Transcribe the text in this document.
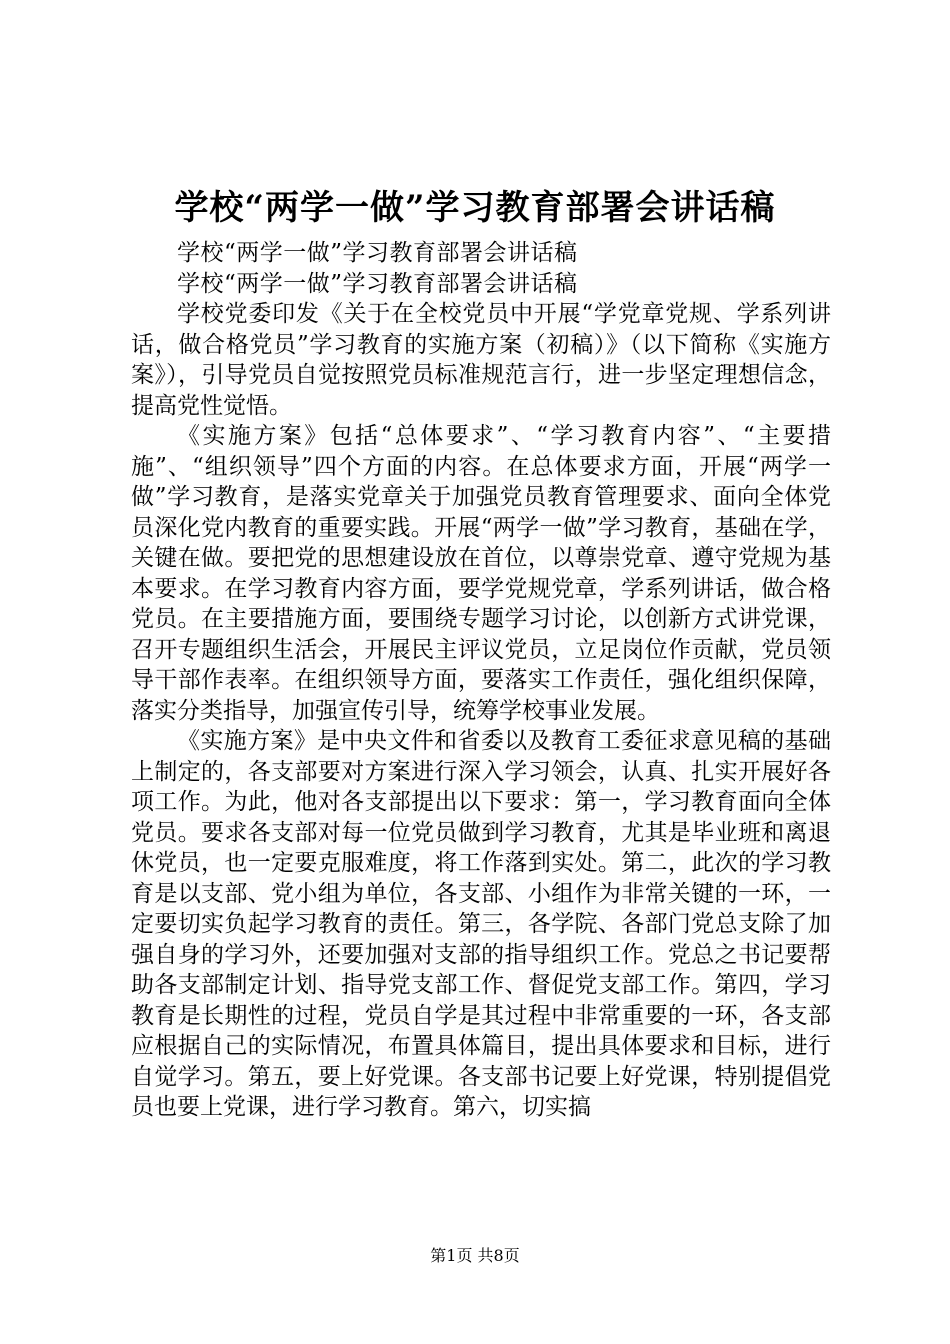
学校“两学一做”学习教育部署会讲话稿

学校“两学一做”学习教育部署会讲话稿

学校“两学一做”学习教育部署会讲话稿

学校党委印发《关于在全校党员中开展“学党章党规、学系列讲话，做合格党员”学习教育的实施方案（初稿）》（以下简称《实施方案》），引导党员自觉按照党员标准规范言行，进一步坚定理想信念，提高党性觉悟。

《实施方案》包括“总体要求”、“学习教育内容”、“主要措施”、“组织领导”四个方面的内容。在总体要求方面，开展“两学一做”学习教育，是落实党章关于加强党员教育管理要求、面向全体党员深化党内教育的重要实践。开展“两学一做”学习教育，基础在学，关键在做。要把党的思想建设放在首位，以尊崇党章、遵守党规为基本要求。在学习教育内容方面，要学党规党章，学系列讲话，做合格党员。在主要措施方面，要围绕专题学习讨论，以创新方式讲党课，召开专题组织生活会，开展民主评议党员，立足岗位作贡献，党员领导干部作表率。在组织领导方面，要落实工作责任，强化组织保障，落实分类指导，加强宣传引导，统筹学校事业发展。

《实施方案》是中央文件和省委以及教育工委征求意见稿的基础上制定的，各支部要对方案进行深入学习领会，认真、扎实开展好各项工作。为此，他对各支部提出以下要求：第一，学习教育面向全体党员。要求各支部对每一位党员做到学习教育，尤其是毕业班和离退休党员，也一定要克服难度，将工作落到实处。第二，此次的学习教育是以支部、党小组为单位，各支部、小组作为非常关键的一环，一定要切实负起学习教育的责任。第三，各学院、各部门党总支除了加强自身的学习外，还要加强对支部的指导组织工作。党总之书记要帮助各支部制定计划、指导党支部工作、督促党支部工作。第四，学习教育是长期性的过程，党员自学是其过程中非常重要的一环，各支部应根据自己的实际情况，布置具体篇目，提出具体要求和目标，进行自觉学习。第五，要上好党课。各支部书记要上好党课，特别提倡党员也要上党课，进行学习教育。第六，切实搞

第1页 共8页
